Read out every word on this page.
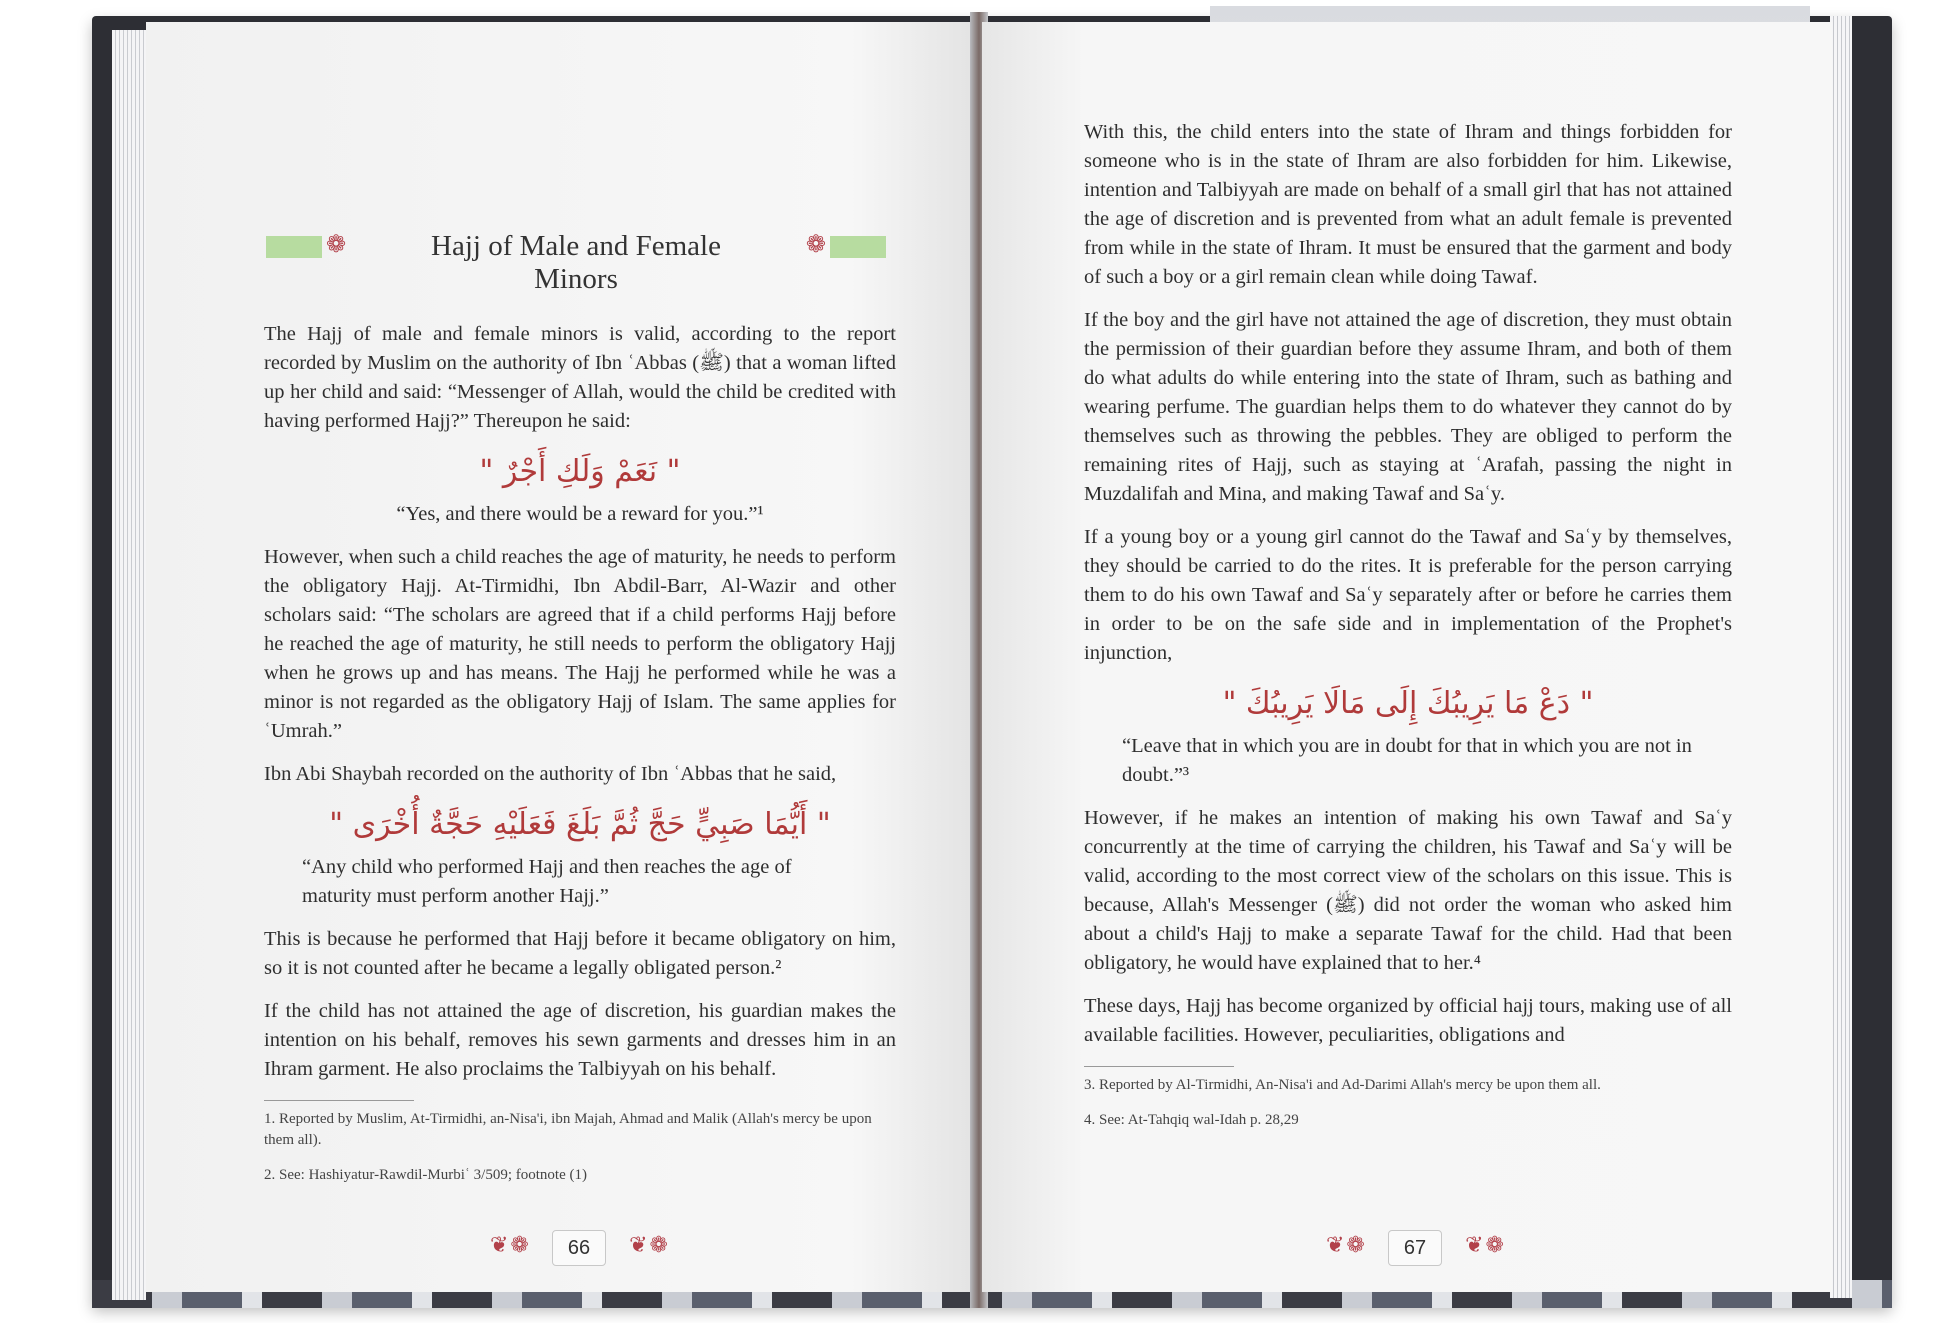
❁	Hajj of Male and Female Minors
❁

The Hajj of male and female minors is valid, according to the report recorded by Muslim on the authority of Ibn ʿAbbas (ﷺ) that a woman lifted up her child and said: “Messenger of Allah, would the child be credited with having performed Hajj?” Thereupon he said:

" نَعَمْ وَلَكِ أَجْرٌ "
“Yes, and there would be a reward for you.”¹

However, when such a child reaches the age of maturity, he needs to perform the obligatory Hajj. At-Tirmidhi, Ibn Abdil-Barr, Al-Wazir and other scholars said: “The scholars are agreed that if a child performs Hajj before he reached the age of maturity, he still needs to perform the obligatory Hajj when he grows up and has means. The Hajj he performed while he was a minor is not regarded as the obligatory Hajj of Islam. The same applies for ʿUmrah.”

Ibn Abi Shaybah recorded on the authority of Ibn ʿAbbas that he said,

" أَيُّمَا صَبِيٍّ حَجَّ ثُمَّ بَلَغَ فَعَلَيْهِ حَجَّةٌ أُخْرَى "
“Any child who performed Hajj and then reaches the age of maturity must perform another Hajj.”

This is because he performed that Hajj before it became obligatory on him, so it is not counted after he became a legally obligated person.²

If the child has not attained the age of discretion, his guardian makes the intention on his behalf, removes his sewn garments and dresses him in an Ihram garment. He also proclaims the Talbiyyah on his behalf.

1. Reported by Muslim, At-Tirmidhi, an-Nisa'i, ibn Majah, Ahmad and Malik (Allah's mercy be upon them all).

2. See: Hashiyatur-Rawdil-Murbiʿ 3/509; footnote (1)

❦❁	66	❦❁

With this, the child enters into the state of Ihram and things forbidden for someone who is in the state of Ihram are also forbidden for him. Likewise, intention and Talbiyyah are made on behalf of a small girl that has not attained the age of discretion and is prevented from what an adult female is prevented from while in the state of Ihram. It must be ensured that the garment and body of such a boy or a girl remain clean while doing Tawaf.

If the boy and the girl have not attained the age of discretion, they must obtain the permission of their guardian before they assume Ihram, and both of them do what adults do while entering into the state of Ihram, such as bathing and wearing perfume. The guardian helps them to do whatever they cannot do by themselves such as throwing the pebbles. They are obliged to perform the remaining rites of Hajj, such as staying at ʿArafah, passing the night in Muzdalifah and Mina, and making Tawaf and Saʿy.

If a young boy or a young girl cannot do the Tawaf and Saʿy by themselves, they should be carried to do the rites. It is preferable for the person carrying them to do his own Tawaf and Saʿy separately after or before he carries them in order to be on the safe side and in implementation of the Prophet's injunction,

" دَعْ مَا يَرِيبُكَ إِلَى مَالَا يَرِيبُكَ "
“Leave that in which you are in doubt for that in which you are not in doubt.”³

However, if he makes an intention of making his own Tawaf and Saʿy concurrently at the time of carrying the children, his Tawaf and Saʿy will be valid, according to the most correct view of the scholars on this issue. This is because, Allah's Messenger (ﷺ) did not order the woman who asked him about a child's Hajj to make a separate Tawaf for the child. Had that been obligatory, he would have explained that to her.⁴

These days, Hajj has become organized by official hajj tours, making use of all available facilities. However, peculiarities, obligations and

3. Reported by Al-Tirmidhi, An-Nisa'i and Ad-Darimi Allah's mercy be upon them all.

4. See: At-Tahqiq wal-Idah p. 28,29

❦❁	67	❦❁
